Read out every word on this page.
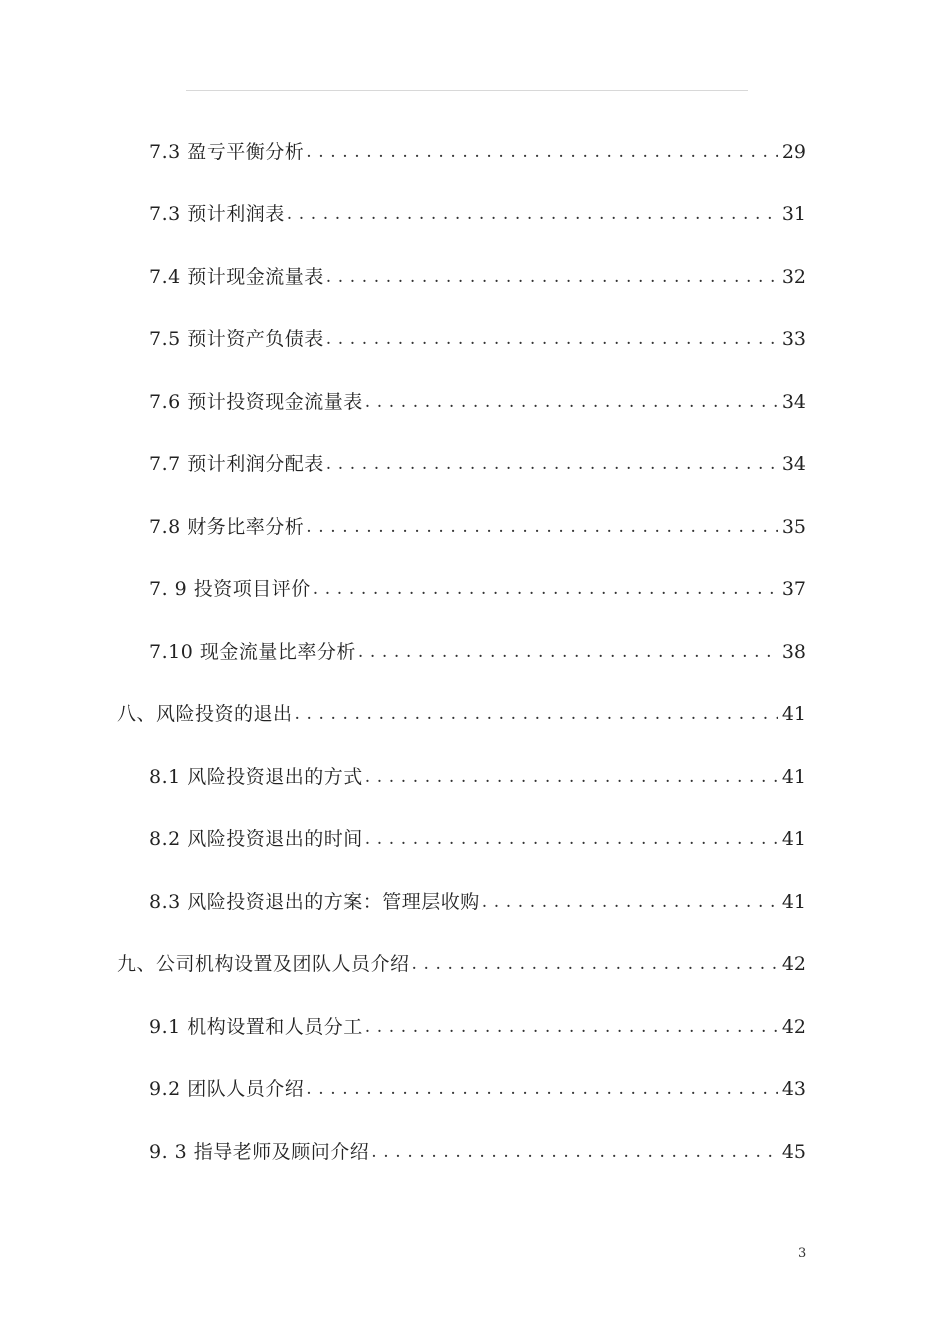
7.3 盈亏平衡分析 . . .	29
7.3 预计利润表 . . .	31
7.4 预计现金流量表 . . .	32
7.5 预计资产负债表 . . .	33
7.6 预计投资现金流量表 . . .	34
7.7 预计利润分配表 . . .	34
7.8 财务比率分析 . . .	35
7. 9 投资项目评价 . . .	37
7.10 现金流量比率分析 . . .	38
八、风险投资的退出 . . .	41
8.1 风险投资退出的方式 . . .	41
8.2 风险投资退出的时间 . . .	41
8.3 风险投资退出的方案：管理层收购 . . .	41
九、公司机构设置及团队人员介绍 . . .	42
9.1 机构设置和人员分工 . . .	42
9.2 团队人员介绍 . . .	43
9. 3 指导老师及顾问介绍 . . .	45
3
